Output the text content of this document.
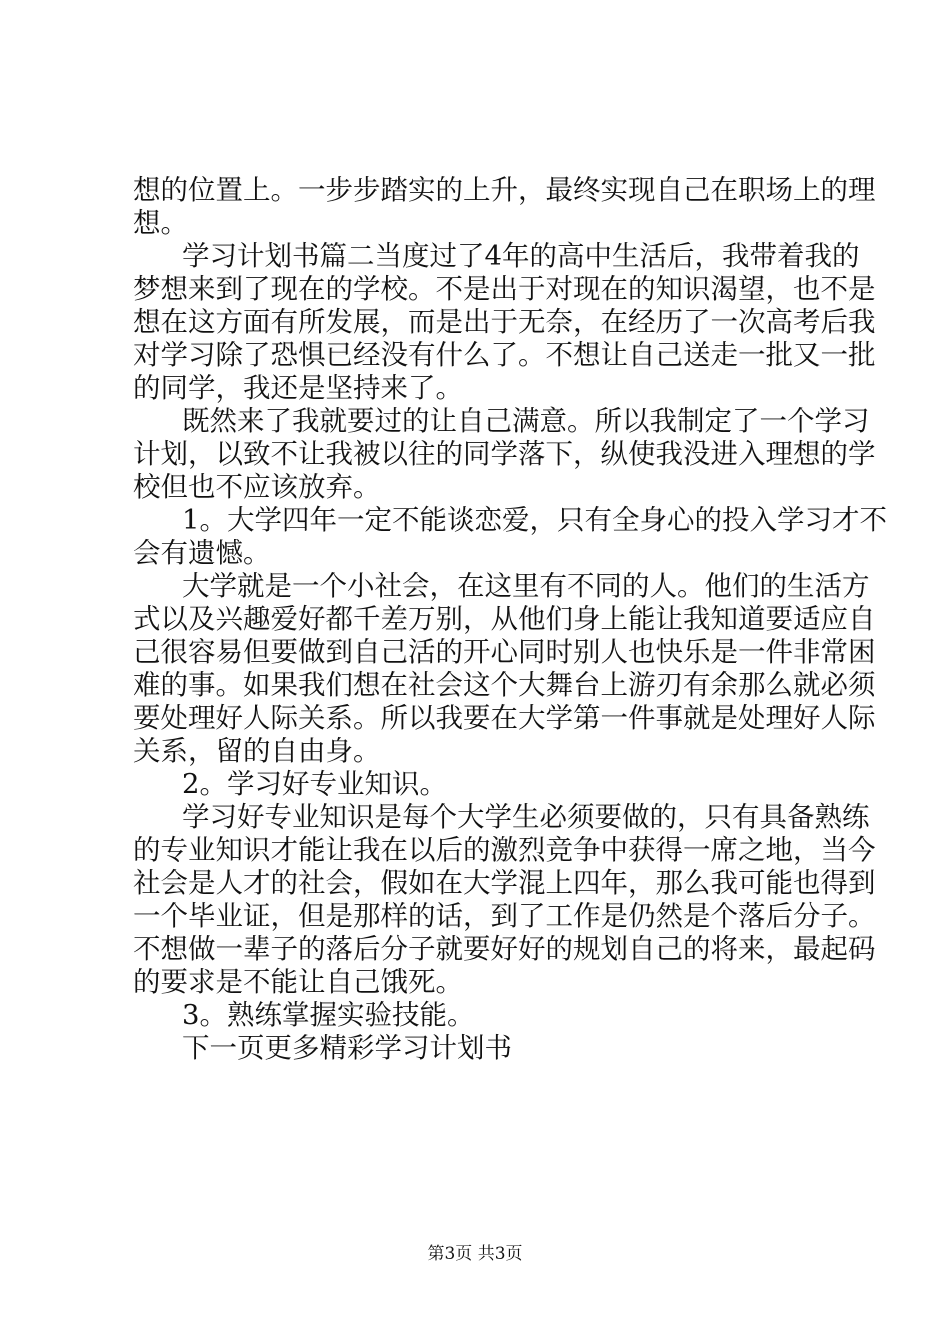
想的位置上。一步步踏实的上升，最终实现自己在职场上的理
想。
学习计划书篇二当度过了4年的高中生活后，我带着我的
梦想来到了现在的学校。不是出于对现在的知识渴望，也不是
想在这方面有所发展，而是出于无奈，在经历了一次高考后我
对学习除了恐惧已经没有什么了。不想让自己送走一批又一批
的同学，我还是坚持来了。
既然来了我就要过的让自己满意。所以我制定了一个学习
计划，以致不让我被以往的同学落下，纵使我没进入理想的学
校但也不应该放弃。
1。大学四年一定不能谈恋爱，只有全身心的投入学习才不
会有遗憾。
大学就是一个小社会，在这里有不同的人。他们的生活方
式以及兴趣爱好都千差万别，从他们身上能让我知道要适应自
己很容易但要做到自己活的开心同时别人也快乐是一件非常困
难的事。如果我们想在社会这个大舞台上游刃有余那么就必须
要处理好人际关系。所以我要在大学第一件事就是处理好人际
关系，留的自由身。
2。学习好专业知识。
学习好专业知识是每个大学生必须要做的，只有具备熟练
的专业知识才能让我在以后的激烈竞争中获得一席之地，当今
社会是人才的社会，假如在大学混上四年，那么我可能也得到
一个毕业证，但是那样的话，到了工作是仍然是个落后分子。
不想做一辈子的落后分子就要好好的规划自己的将来，最起码
的要求是不能让自己饿死。
3。熟练掌握实验技能。
下一页更多精彩学习计划书
第3页 共3页
